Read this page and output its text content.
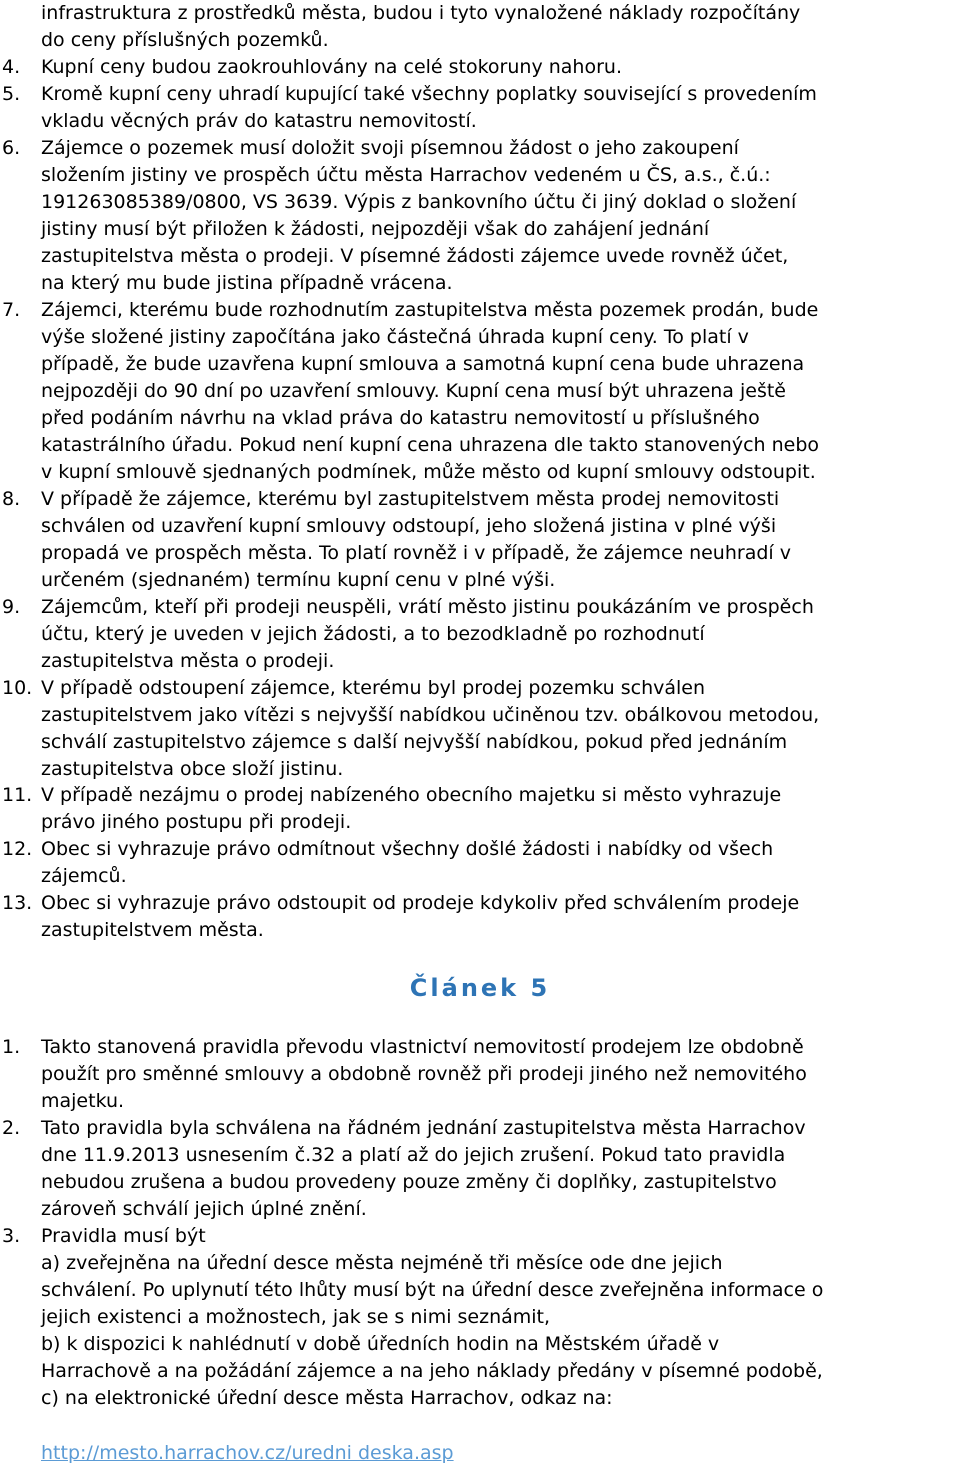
infrastruktura z prostředků města, budou i tyto vynaložené náklady rozpočítány
do ceny příslušných pozemků.
4. Kupní ceny budou zaokrouhlovány na celé stokoruny nahoru.
5. Kromě kupní ceny uhradí kupující také všechny poplatky související s provedením
vkladu věcných práv do katastru nemovitostí.
6. Zájemce o pozemek musí doložit svoji písemnou žádost o jeho zakoupení
složením jistiny ve prospěch účtu města Harrachov vedeném u ČS, a.s., č.ú.:
191263085389/0800, VS 3639. Výpis z bankovního účtu či jiný doklad o složení
jistiny musí být přiložen k žádosti, nejpozději však do zahájení jednání
zastupitelstva města o prodeji. V písemné žádosti zájemce uvede rovněž účet,
na který mu bude jistina případně vrácena.
7. Zájemci, kterému bude rozhodnutím zastupitelstva města pozemek prodán, bude
výše složené jistiny započítána jako částečná úhrada kupní ceny. To platí v
případě, že bude uzavřena kupní smlouva a samotná kupní cena bude uhrazena
nejpozději do 90 dní po uzavření smlouvy. Kupní cena musí být uhrazena ještě
před podáním návrhu na vklad práva do katastru nemovitostí u příslušného
katastrálního úřadu. Pokud není kupní cena uhrazena dle takto stanovených nebo
v kupní smlouvě sjednaných podmínek, může město od kupní smlouvy odstoupit.
8. V případě že zájemce, kterému byl zastupitelstvem města prodej nemovitosti
schválen od uzavření kupní smlouvy odstoupí, jeho složená jistina v plné výši
propadá ve prospěch města. To platí rovněž i v případě, že zájemce neuhradí v
určeném (sjednaném) termínu kupní cenu v plné výši.
9. Zájemcům, kteří při prodeji neuspěli, vrátí město jistinu poukázáním ve prospěch
účtu, který je uveden v jejich žádosti, a to bezodkladně po rozhodnutí
zastupitelstva města o prodeji.
10. V případě odstoupení zájemce, kterému byl prodej pozemku schválen
zastupitelstvem jako vítězi s nejvyšší nabídkou učiněnou tzv. obálkovou metodou,
schválí zastupitelstvo zájemce s další nejvyšší nabídkou, pokud před jednáním
zastupitelstva obce složí jistinu.
11. V případě nezájmu o prodej nabízeného obecního majetku si město vyhrazuje
právo jiného postupu při prodeji.
12. Obec si vyhrazuje právo odmítnout všechny došlé žádosti i nabídky od všech
zájemců.
13. Obec si vyhrazuje právo odstoupit od prodeje kdykoliv před schválením prodeje
zastupitelstvem města.
Článek 5
1. Takto stanovená pravidla převodu vlastnictví nemovitostí prodejem lze obdobně
použít pro směnné smlouvy a obdobně rovněž při prodeji jiného než nemovitého
majetku.
2. Tato pravidla byla schválena na řádném jednání zastupitelstva města Harrachov
dne 11.9.2013 usnesením č.32 a platí až do jejich zrušení. Pokud tato pravidla
nebudou zrušena a budou provedeny pouze změny či doplňky, zastupitelstvo
zároveň schválí jejich úplné znění.
3. Pravidla musí být
a) zveřejněna na úřední desce města nejméně tři měsíce ode dne jejich
schválení. Po uplynutí této lhůty musí být na úřední desce zveřejněna informace o
jejich existenci a možnostech, jak se s nimi seznámit,
b) k dispozici k nahlédnutí v době úředních hodin na Městském úřadě v
Harrachově a na požádání zájemce a na jeho náklady předány v písemné podobě,
c) na elektronické úřední desce města Harrachov, odkaz na:
http://mesto.harrachov.cz/uredni deska.asp
